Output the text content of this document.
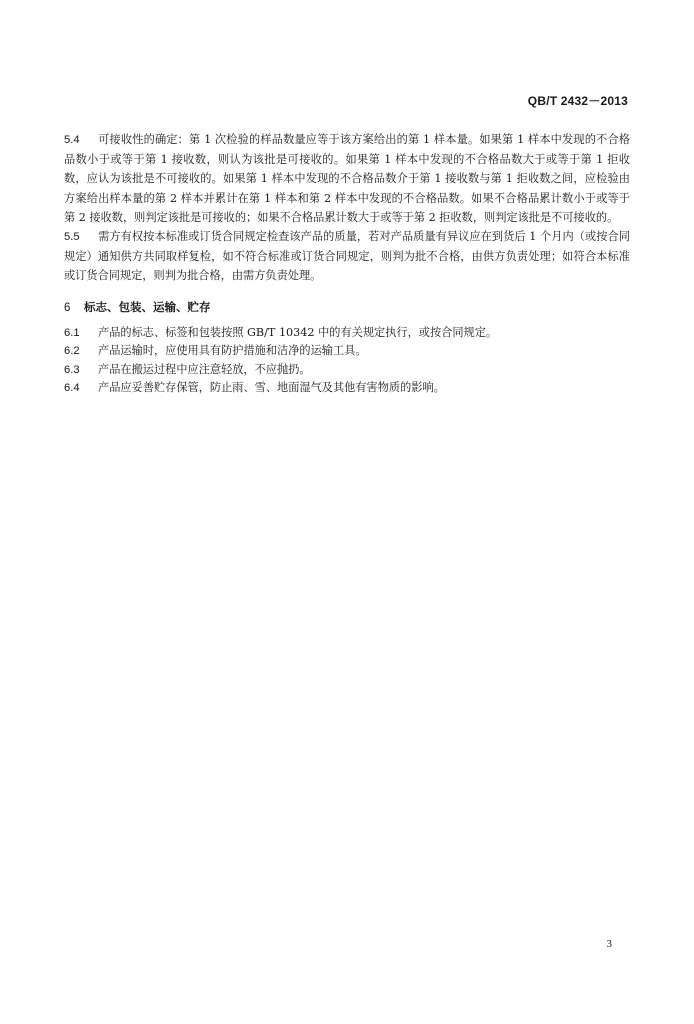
QB/T 2432－2013

5.4 可接收性的确定：第 1 次检验的样品数量应等于该方案给出的第 1 样本量。如果第 1 样本中发现的不合格品数小于或等于第 1 接收数，则认为该批是可接收的。如果第 1 样本中发现的不合格品数大于或等于第 1 拒收数，应认为该批是不可接收的。如果第 1 样本中发现的不合格品数介于第 1 接收数与第 1 拒收数之间，应检验由方案给出样本量的第 2 样本并累计在第 1 样本和第 2 样本中发现的不合格品数。如果不合格品累计数小于或等于第 2 接收数，则判定该批是可接收的；如果不合格品累计数大于或等于第 2 拒收数，则判定该批是不可接收的。

5.5 需方有权按本标准或订货合同规定检查该产品的质量，若对产品质量有异议应在到货后 1 个月内（或按合同规定）通知供方共同取样复检，如不符合标准或订货合同规定，则判为批不合格，由供方负责处理；如符合本标准或订货合同规定，则判为批合格，由需方负责处理。

6 标志、包装、运输、贮存

6.1 产品的标志、标签和包装按照 GB/T 10342 中的有关规定执行，或按合同规定。

6.2 产品运输时，应使用具有防护措施和洁净的运输工具。

6.3 产品在搬运过程中应注意轻放，不应抛扔。

6.4 产品应妥善贮存保管，防止雨、雪、地面湿气及其他有害物质的影响。

3
